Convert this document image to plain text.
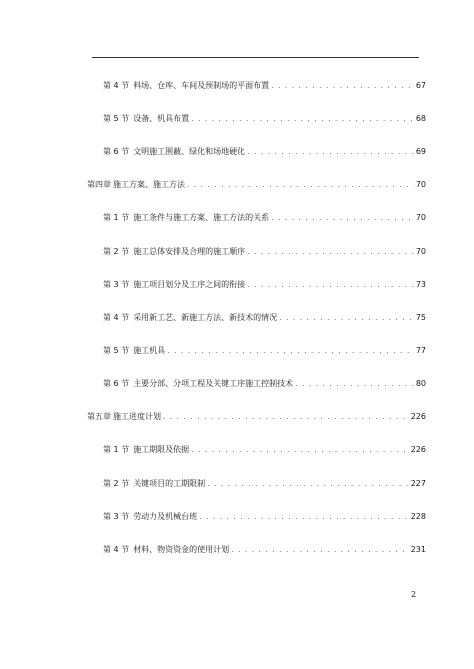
第 4 节 料场、仓库、车间及预制场的平面布置 . . .	67
第 5 节 设备、机具布置 . . .	68
第 6 节 文明施工围蔽、绿化和场地硬化 . . .	69
第四章 施工方案、施工方法 . . .	70
第 1 节 施工条件与施工方案、施工方法的关系 . . .	70
第 2 节 施工总体安排及合理的施工顺序 . . .	70
第 3 节 施工项目划分及工序之间的衔接 . . .	73
第 4 节 采用新工艺、新施工方法、新技术的情况 . . .	75
第 5 节 施工机具 . . .	77
第 6 节 主要分部、分项工程及关键工序施工控制技术 . . .	80
第五章 施工进度计划 . . .	226
第 1 节 施工期限及依据 . . .	226
第 2 节 关键项目的工期限制 . . .	227
第 3 节 劳动力及机械台班 . . .	228
第 4 节 材料、物资资金的使用计划 . . .	231
2
